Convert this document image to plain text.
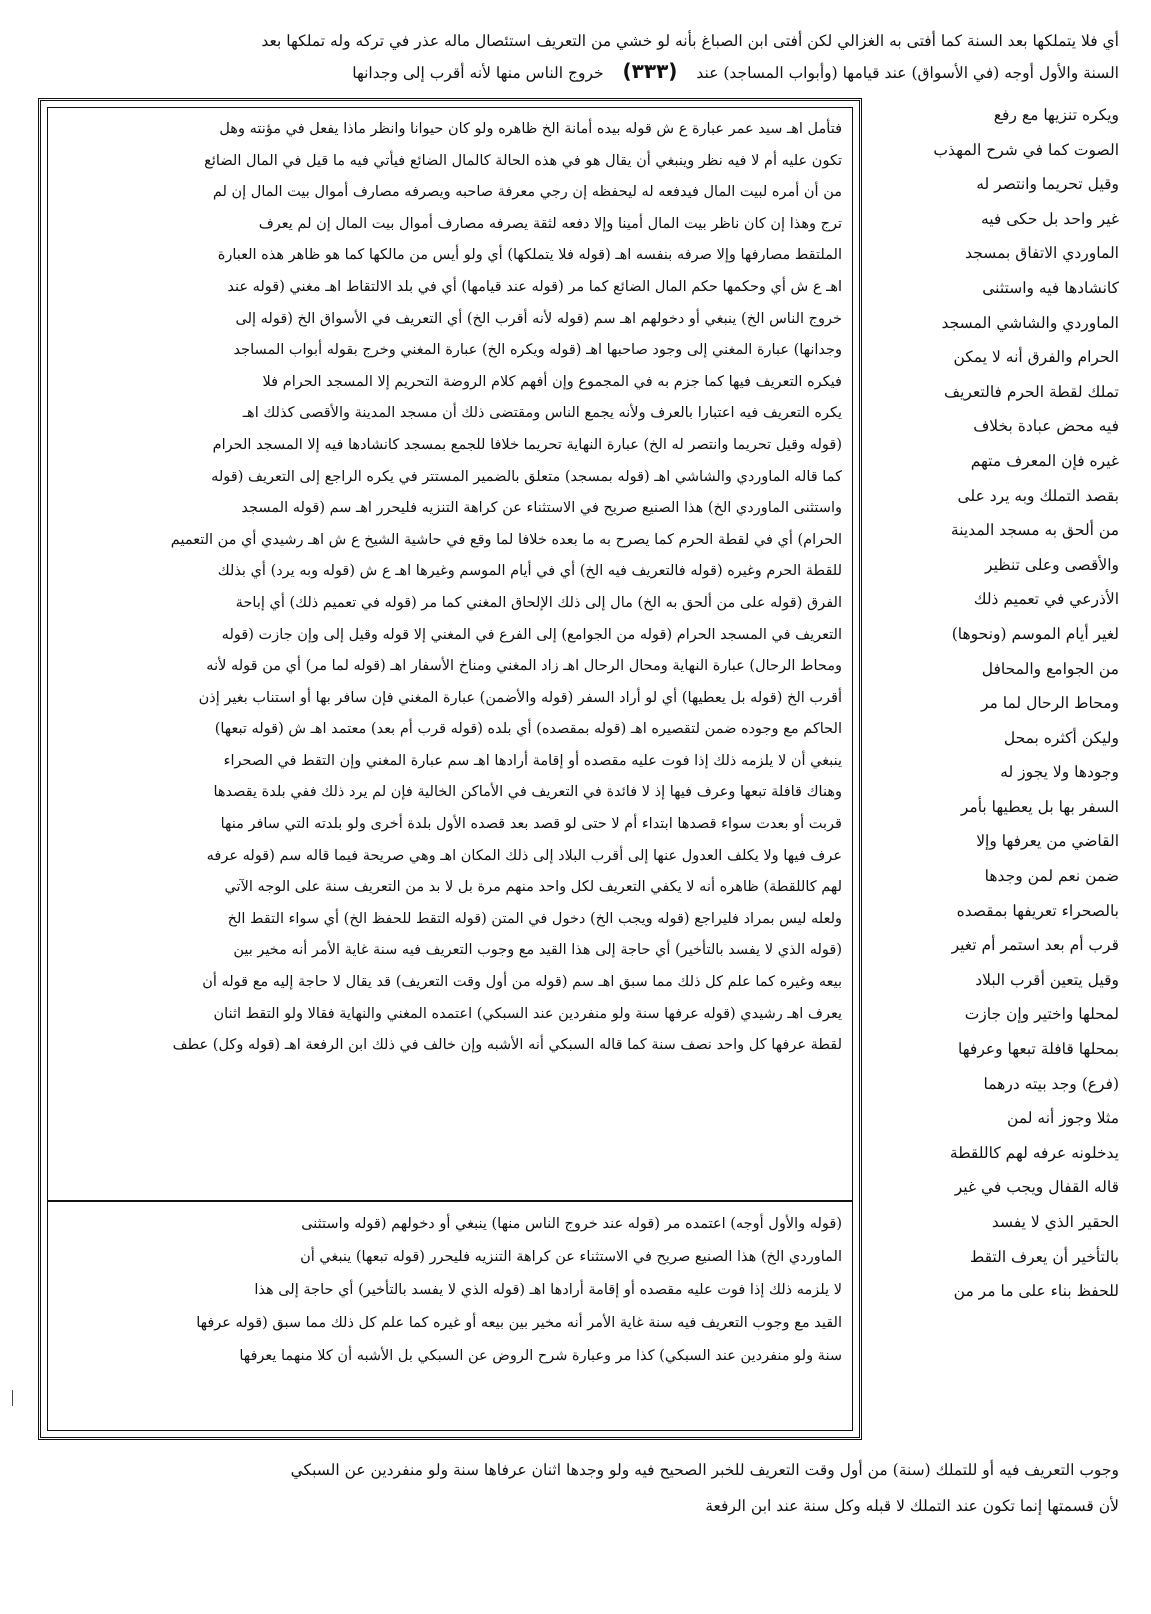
أي فلا يتملكها بعد السنة كما أفتى به الغزالي لكن أفتى ابن الصباغ بأنه لو خشي من التعريف استئصال ماله عذر في تركه وله تملكها بعد
السنة والأول أوجه (في الأسواق) عند قيامها (وأبواب المساجد) عند (٣٣٣) خروج الناس منها لأنه أقرب إلى وجدانها
ويكره تنزيها مع رفع
الصوت كما في شرح المهذب
وقيل تحريما وانتصر له
غير واحد بل حكى فيه
الماوردي الاتفاق بمسجد
كانشادها فيه واستثنى
الماوردي والشاشي المسجد
الحرام والفرق أنه لا يمكن
تملك لقطة الحرم فالتعريف
فيه محض عبادة بخلاف
غيره فإن المعرف متهم
بقصد التملك وبه يرد على
من ألحق به مسجد المدينة
والأقصى وعلى تنظير
الأذرعي في تعميم ذلك
لغير أيام الموسم (ونحوها)
من الجوامع والمحافل
ومحاط الرحال لما مر
وليكن أكثره بمحل
وجودها ولا يجوز له
السفر بها بل يعطيها بأمر
القاضي من يعرفها وإلا
ضمن نعم لمن وجدها
بالصحراء تعريفها بمقصده
قرب أم بعد استمر أم تغير
وقيل يتعين أقرب البلاد
لمحلها واختير وإن جازت
بمحلها قافلة تبعها وعرفها
(فرع) وجد بيته درهما
مثلا وجوز أنه لمن
يدخلونه عرفه لهم كاللقطة
قاله القفال ويجب في غير
الحقير الذي لا يفسد
بالتأخير أن يعرف التقط
للحفظ بناء على ما مر من
فتأمل اهـ سيد عمر عبارة ع ش قوله بيده أمانة الخ ظاهره ولو كان حيوانا وانظر ماذا يفعل في مؤنته وهل
تكون عليه أم لا فيه نظر وينبغي أن يقال هو في هذه الحالة كالمال الضائع فيأتي فيه ما قيل في المال الضائع
من أن أمره لبيت المال فيدفعه له ليحفظه إن رجي معرفة صاحبه ويصرفه مصارف أموال بيت المال إن لم
ترج وهذا إن كان ناظر بيت المال أمينا وإلا دفعه لثقة يصرفه مصارف أموال بيت المال إن لم يعرف
الملتقط مصارفها وإلا صرفه بنفسه اهـ (قوله فلا يتملكها) أي ولو أيس من مالكها كما هو ظاهر هذه العبارة
اهـ ع ش أي وحكمها حكم المال الضائع كما مر (قوله عند قيامها) أي في بلد الالتقاط اهـ مغني (قوله عند
خروج الناس الخ) ينبغي أو دخولهم اهـ سم (قوله لأنه أقرب الخ) أي التعريف في الأسواق الخ (قوله إلى
وجدانها) عبارة المغني إلى وجود صاحبها اهـ (قوله ويكره الخ) عبارة المغني وخرج بقوله أبواب المساجد
فيكره التعريف فيها كما جزم به في المجموع وإن أفهم كلام الروضة التحريم إلا المسجد الحرام فلا
يكره التعريف فيه اعتبارا بالعرف ولأنه يجمع الناس ومقتضى ذلك أن مسجد المدينة والأقصى كذلك اهـ
(قوله وقيل تحريما وانتصر له الخ) عبارة النهاية تحريما خلافا للجمع بمسجد كانشادها فيه إلا المسجد الحرام
كما قاله الماوردي والشاشي اهـ (قوله بمسجد) متعلق بالضمير المستتر في يكره الراجع إلى التعريف (قوله
واستثنى الماوردي الخ) هذا الصنيع صريح في الاستثناء عن كراهة التنزيه فليحرر اهـ سم (قوله المسجد
الحرام) أي في لقطة الحرم كما يصرح به ما بعده خلافا لما وقع في حاشية الشيخ ع ش اهـ رشيدي أي من التعميم
للقطة الحرم وغيره (قوله فالتعريف فيه الخ) أي في أيام الموسم وغيرها اهـ ع ش (قوله وبه يرد) أي بذلك
الفرق (قوله على من ألحق به الخ) مال إلى ذلك الإلحاق المغني كما مر (قوله في تعميم ذلك) أي إباحة
التعريف في المسجد الحرام (قوله من الجوامع) إلى الفرع في المغني إلا قوله وقيل إلى وإن جازت (قوله
ومحاط الرحال) عبارة النهاية ومحال الرحال اهـ زاد المغني ومناخ الأسفار اهـ (قوله لما مر) أي من قوله لأنه
أقرب الخ (قوله بل يعطيها) أي لو أراد السفر (قوله والأضمن) عبارة المغني فإن سافر بها أو استناب بغير إذن
الحاكم مع وجوده ضمن لتقصيره اهـ (قوله بمقصده) أي بلده (قوله قرب أم بعد) معتمد اهـ ش (قوله تبعها)
ينبغي أن لا يلزمه ذلك إذا فوت عليه مقصده أو إقامة أرادها اهـ سم عبارة المغني وإن التقط في الصحراء
وهناك قافلة تبعها وعرف فيها إذ لا فائدة في التعريف في الأماكن الخالية فإن لم يرد ذلك ففي بلدة يقصدها
قربت أو بعدت سواء قصدها ابتداء أم لا حتى لو قصد بعد قصده الأول بلدة أخرى ولو بلدته التي سافر منها
عرف فيها ولا يكلف العدول عنها إلى أقرب البلاد إلى ذلك المكان اهـ وهي صريحة فيما قاله سم (قوله عرفه
لهم كاللقطة) ظاهره أنه لا يكفي التعريف لكل واحد منهم مرة بل لا بد من التعريف سنة على الوجه الآتي
ولعله ليس بمراد فليراجع (قوله ويجب الخ) دخول في المتن (قوله التقط للحفظ الخ) أي سواء التقط الخ
(قوله الذي لا يفسد بالتأخير) أي حاجة إلى هذا القيد مع وجوب التعريف فيه سنة غاية الأمر أنه مخير بين
بيعه وغيره كما علم كل ذلك مما سبق اهـ سم (قوله من أول وقت التعريف) قد يقال لا حاجة إليه مع قوله أن
يعرف اهـ رشيدي (قوله عرفها سنة ولو منفردين عند السبكي) اعتمده المغني والنهاية فقالا ولو التقط اثنان
لقطة عرفها كل واحد نصف سنة كما قاله السبكي أنه الأشبه وإن خالف في ذلك ابن الرفعة اهـ (قوله وكل) عطف
(قوله والأول أوجه) اعتمده مر (قوله عند خروج الناس منها) ينبغي أو دخولهم (قوله واستثنى
الماوردي الخ) هذا الصنيع صريح في الاستثناء عن كراهة التنزيه فليحرر (قوله تبعها) ينبغي أن
لا يلزمه ذلك إذا فوت عليه مقصده أو إقامة أرادها اهـ (قوله الذي لا يفسد بالتأخير) أي حاجة إلى هذا
القيد مع وجوب التعريف فيه سنة غاية الأمر أنه مخير بين بيعه أو غيره كما علم كل ذلك مما سبق (قوله عرفها
سنة ولو منفردين عند السبكي) كذا مر وعبارة شرح الروض عن السبكي بل الأشبه أن كلا منهما يعرفها
وجوب التعريف فيه أو للتملك (سنة) من أول وقت التعريف للخبر الصحيح فيه ولو وجدها اثنان عرفاها سنة ولو منفردين عن السبكي
لأن قسمتها إنما تكون عند التملك لا قبله وكل سنة عند ابن الرفعة
